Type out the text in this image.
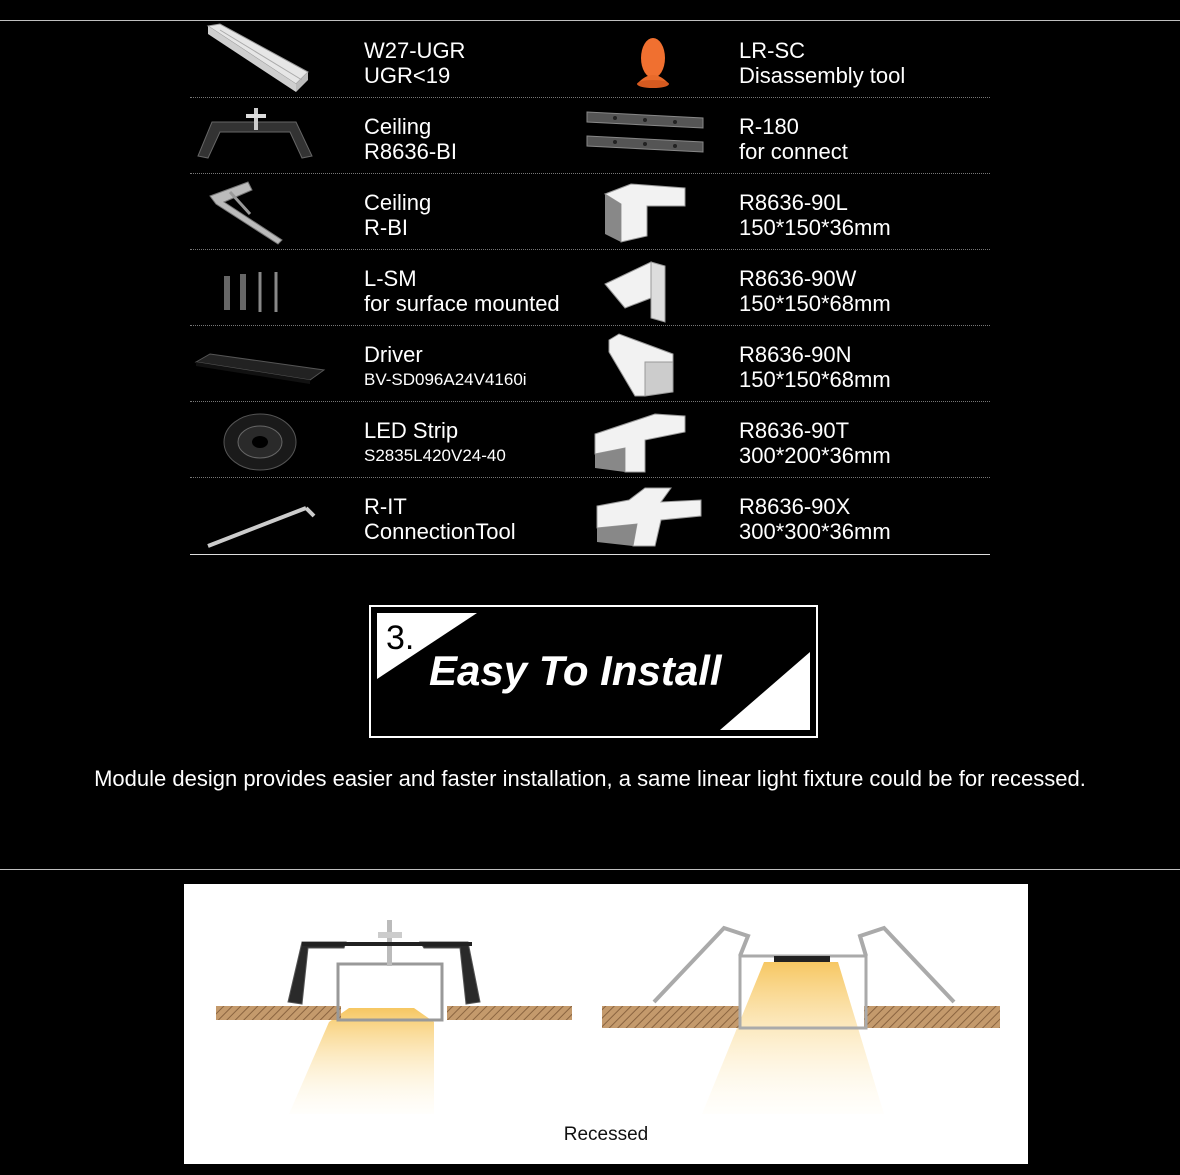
W27-UGR
UGR<19
LR-SC
Disassembly tool
Ceiling
R8636-BI
R-180
for connect
Ceiling
R-BI
R8636-90L
150*150*36mm
L-SM
for surface mounted
R8636-90W
150*150*68mm
Driver
BV-SD096A24V4160i
R8636-90N
150*150*68mm
LED Strip
S2835L420V24-40
R8636-90T
300*200*36mm
R-IT
ConnectionTool
R8636-90X
300*300*36mm
3.
Easy To Install
Module design provides easier and faster installation, a same linear light fixture could be for recessed.
Recessed
